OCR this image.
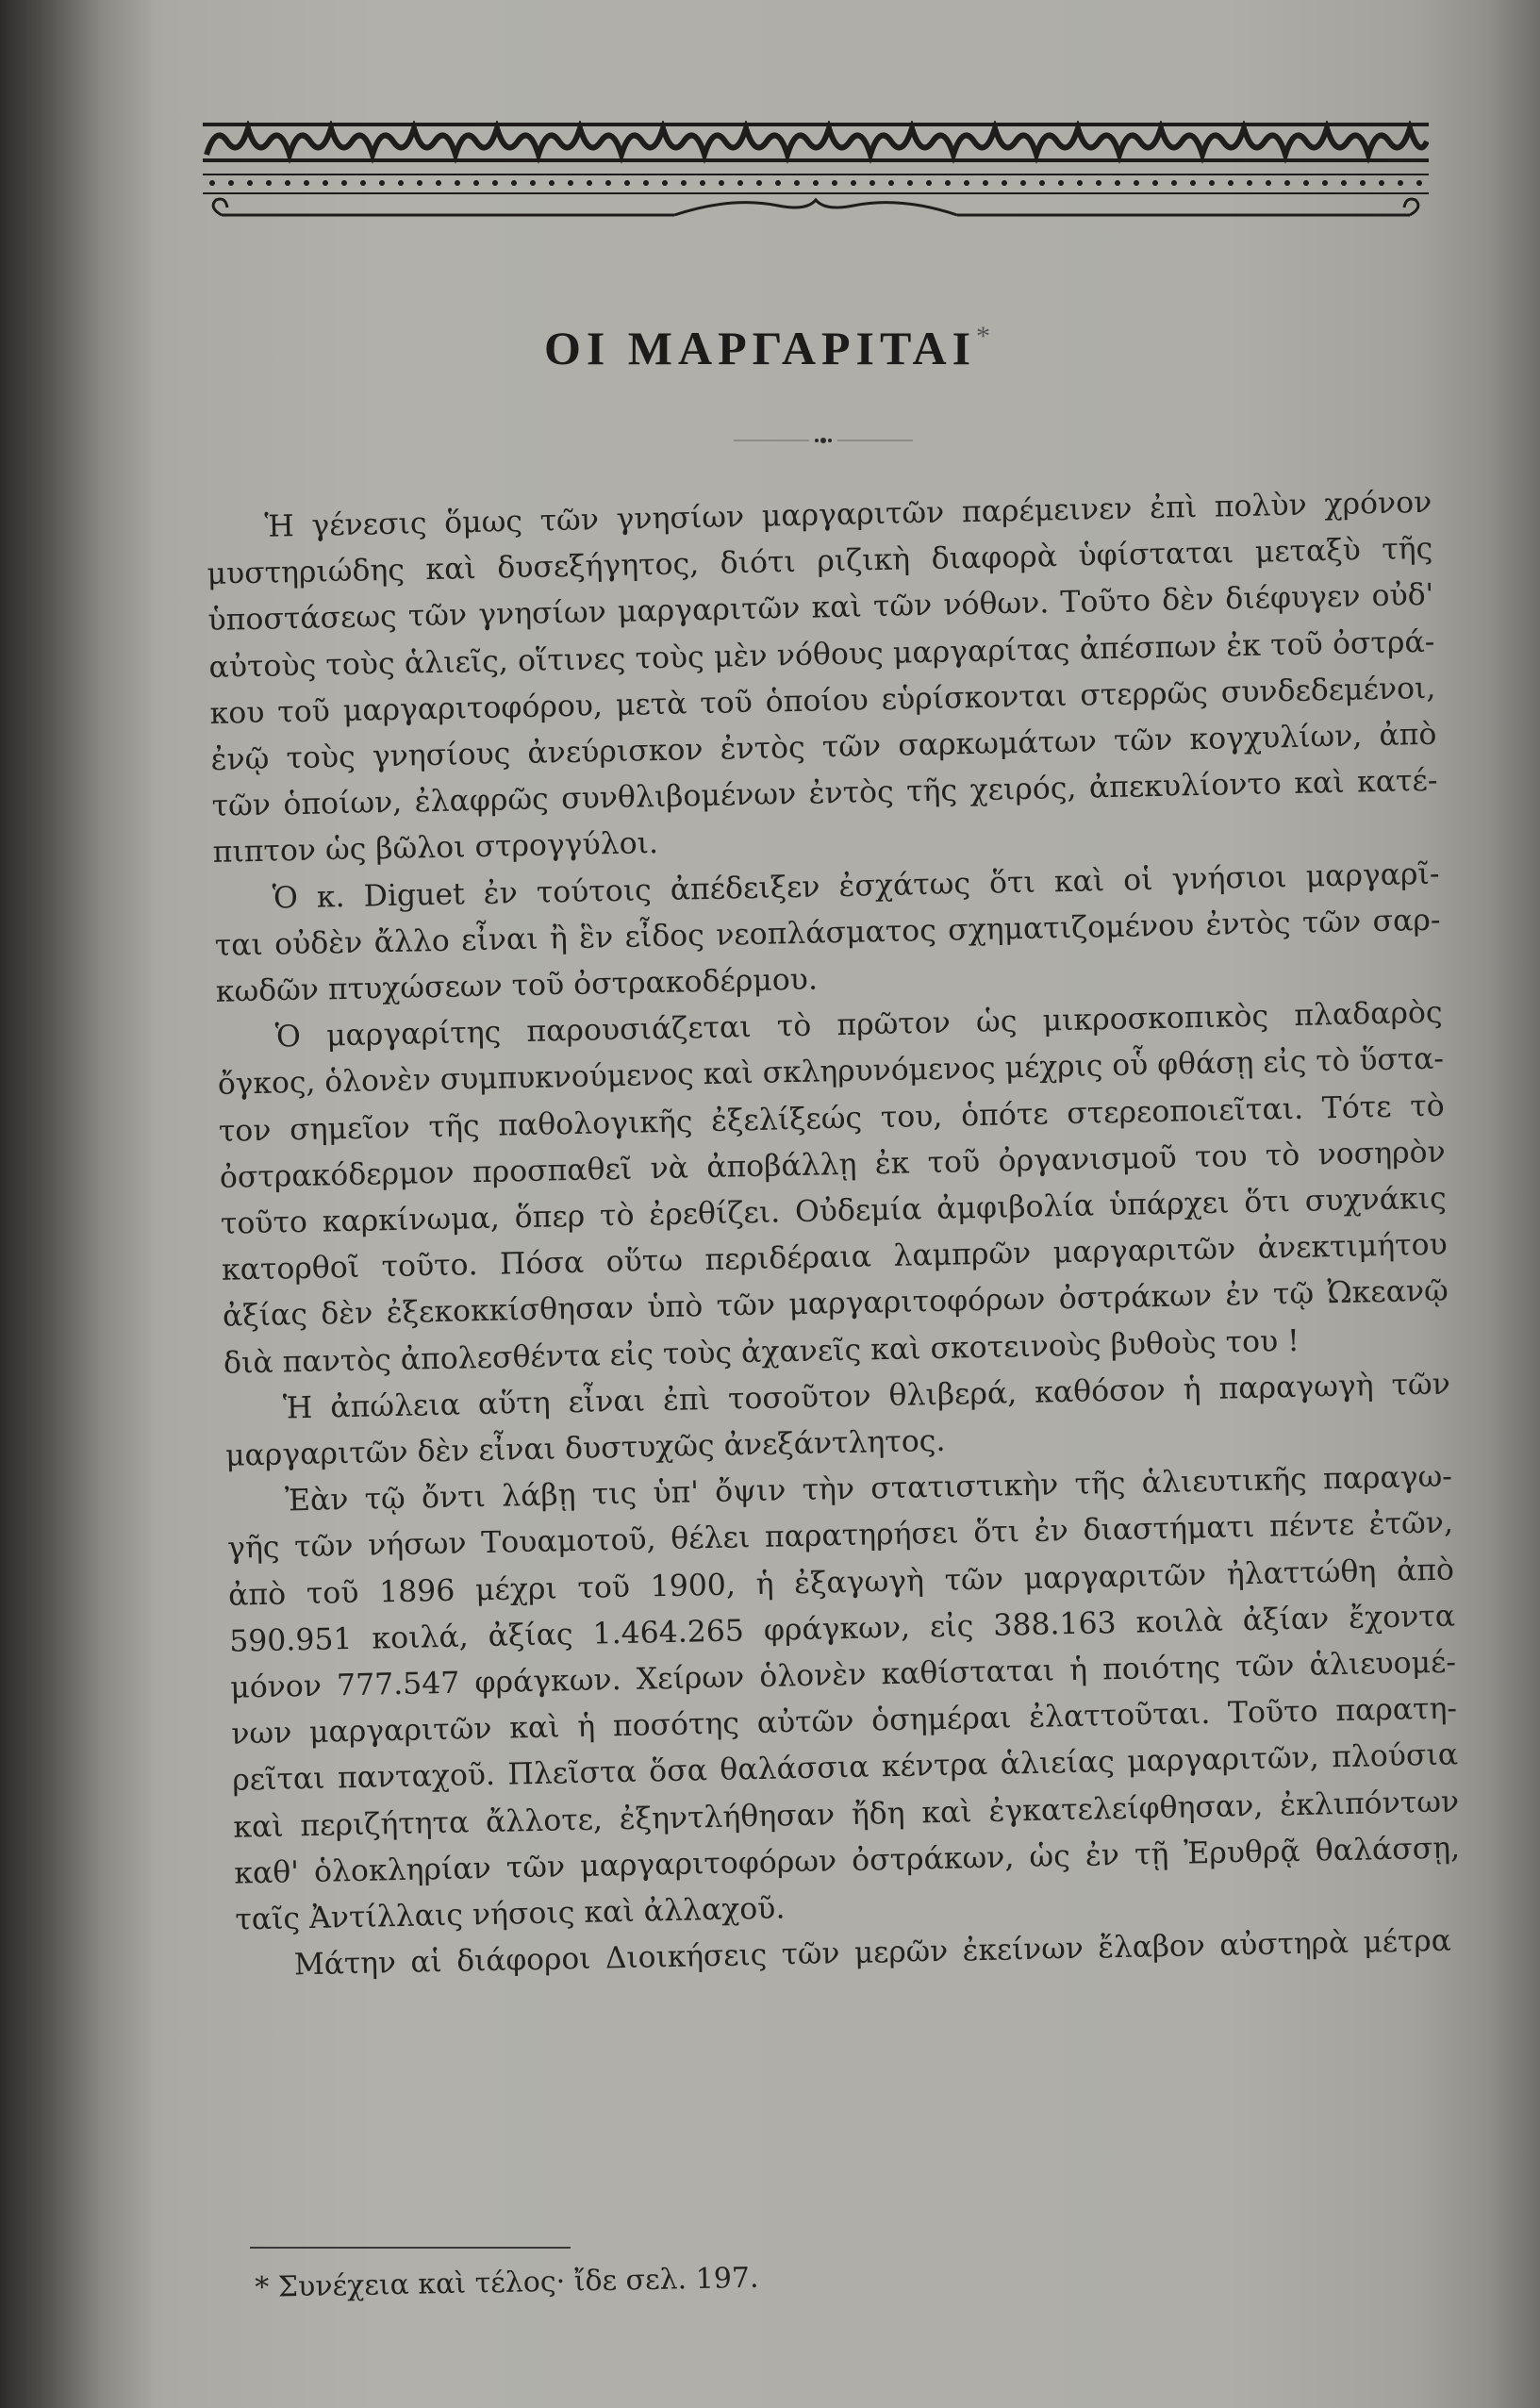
ΟΙ ΜΑΡΓΑΡΙΤΑΙ*

Ἡ γένεσις ὅμως τῶν γνησίων μαργαριτῶν παρέμεινεν ἐπὶ πολὺν χρόνον
μυστηριώδης καὶ δυσεξήγητος, διότι ριζικὴ διαφορὰ ὑφίσταται μεταξὺ τῆς
ὑποστάσεως τῶν γνησίων μαργαριτῶν καὶ τῶν νόθων. Τοῦτο δὲν διέφυγεν οὐδ'
αὐτοὺς τοὺς ἁλιεῖς, οἵτινες τοὺς μὲν νόθους μαργαρίτας ἀπέσπων ἐκ τοῦ ὀστρά-
κου τοῦ μαργαριτοφόρου, μετὰ τοῦ ὁποίου εὑρίσκονται στερρῶς συνδεδεμένοι,
ἐνῷ τοὺς γνησίους ἀνεύρισκον ἐντὸς τῶν σαρκωμάτων τῶν κογχυλίων, ἀπὸ
τῶν ὁποίων, ἐλαφρῶς συνθλιβομένων ἐντὸς τῆς χειρός, ἀπεκυλίοντο καὶ κατέ-
πιπτον ὡς βῶλοι στρογγύλοι.

Ὁ κ. Diguet ἐν τούτοις ἀπέδειξεν ἐσχάτως ὅτι καὶ οἱ γνήσιοι μαργαρῖ-
ται οὐδὲν ἄλλο εἶναι ἢ ἓν εἶδος νεοπλάσματος σχηματιζομένου ἐντὸς τῶν σαρ-
κωδῶν πτυχώσεων τοῦ ὀστρακοδέρμου.

Ὁ μαργαρίτης παρουσιάζεται τὸ πρῶτον ὡς μικροσκοπικὸς πλαδαρὸς
ὄγκος, ὁλονὲν συμπυκνούμενος καὶ σκληρυνόμενος μέχρις οὗ φθάσῃ εἰς τὸ ὕστα-
τον σημεῖον τῆς παθολογικῆς ἐξελίξεώς του, ὁπότε στερεοποιεῖται. Τότε τὸ
ὀστρακόδερμον προσπαθεῖ νὰ ἀποβάλλῃ ἐκ τοῦ ὀργανισμοῦ του τὸ νοσηρὸν
τοῦτο καρκίνωμα, ὅπερ τὸ ἐρεθίζει. Οὐδεμία ἀμφιβολία ὑπάρχει ὅτι συχνάκις
κατορθοῖ τοῦτο. Πόσα οὕτω περιδέραια λαμπρῶν μαργαριτῶν ἀνεκτιμήτου
ἀξίας δὲν ἐξεκοκκίσθησαν ὑπὸ τῶν μαργαριτοφόρων ὀστράκων ἐν τῷ Ὠκεανῷ
διὰ παντὸς ἀπολεσθέντα εἰς τοὺς ἀχανεῖς καὶ σκοτεινοὺς βυθοὺς του !

Ἡ ἀπώλεια αὕτη εἶναι ἐπὶ τοσοῦτον θλιβερά, καθόσον ἡ παραγωγὴ τῶν
μαργαριτῶν δὲν εἶναι δυστυχῶς ἀνεξάντλητος.

Ἐὰν τῷ ὄντι λάβῃ τις ὑπ' ὄψιν τὴν στατιστικὴν τῆς ἁλιευτικῆς παραγω-
γῆς τῶν νήσων Τουαμοτοῦ, θέλει παρατηρήσει ὅτι ἐν διαστήματι πέντε ἐτῶν,
ἀπὸ τοῦ 1896 μέχρι τοῦ 1900, ἡ ἐξαγωγὴ τῶν μαργαριτῶν ἠλαττώθη ἀπὸ
590.951 κοιλά, ἀξίας 1.464.265 φράγκων, εἰς 388.163 κοιλὰ ἀξίαν ἔχοντα
μόνον 777.547 φράγκων. Χείρων ὁλονὲν καθίσταται ἡ ποιότης τῶν ἁλιευομέ-
νων μαργαριτῶν καὶ ἡ ποσότης αὐτῶν ὁσημέραι ἐλαττοῦται. Τοῦτο παρατη-
ρεῖται πανταχοῦ. Πλεῖστα ὅσα θαλάσσια κέντρα ἁλιείας μαργαριτῶν, πλούσια
καὶ περιζήτητα ἄλλοτε, ἐξηντλήθησαν ἤδη καὶ ἐγκατελείφθησαν, ἐκλιπόντων
καθ' ὁλοκληρίαν τῶν μαργαριτοφόρων ὀστράκων, ὡς ἐν τῇ Ἐρυθρᾷ θαλάσσῃ,
ταῖς Ἀντίλλαις νήσοις καὶ ἀλλαχοῦ.

Μάτην αἱ διάφοροι Διοικήσεις τῶν μερῶν ἐκείνων ἔλαβον αὐστηρὰ μέτρα

* Συνέχεια καὶ τέλος· ἴδε σελ. 197.
